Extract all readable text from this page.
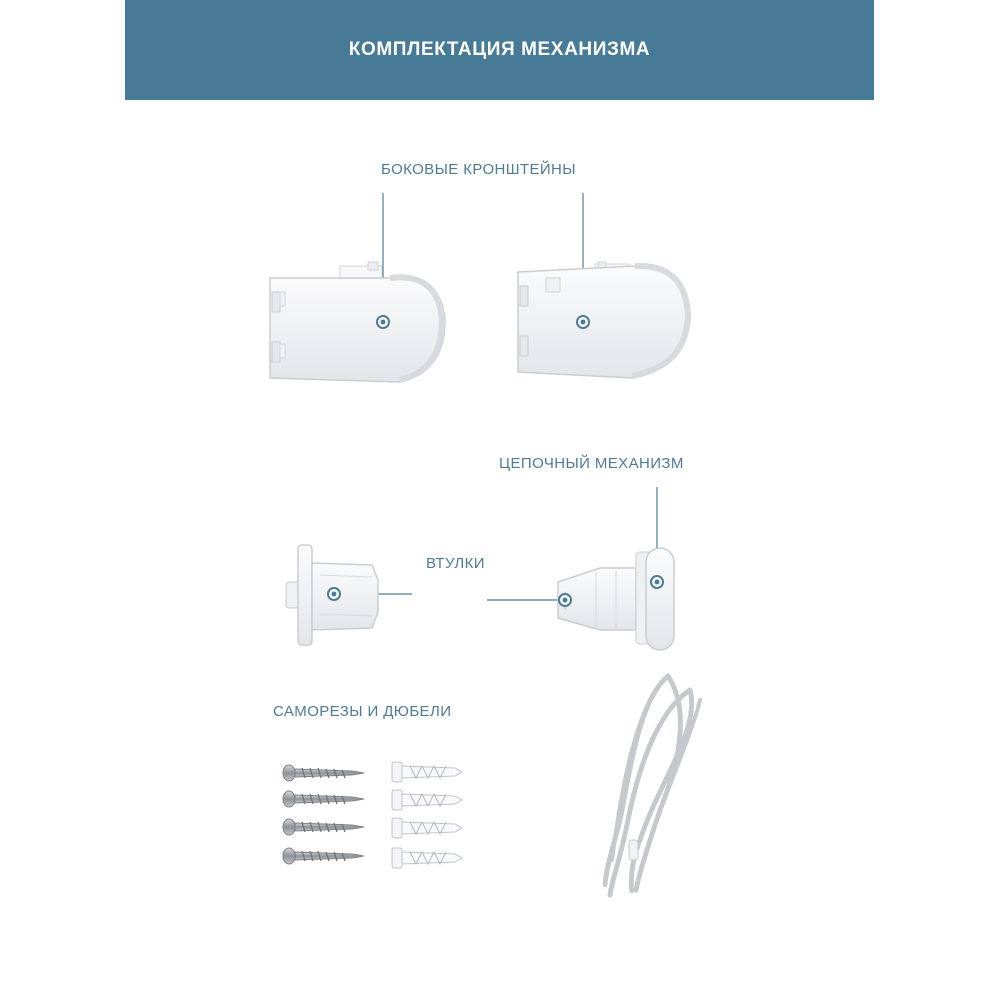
КОМПЛЕКТАЦИЯ МЕХАНИЗМА
БОКОВЫЕ КРОНШТЕЙНЫ
ЦЕПОЧНЫЙ МЕХАНИЗМ
ВТУЛКИ
САМОРЕЗЫ И ДЮБЕЛИ
